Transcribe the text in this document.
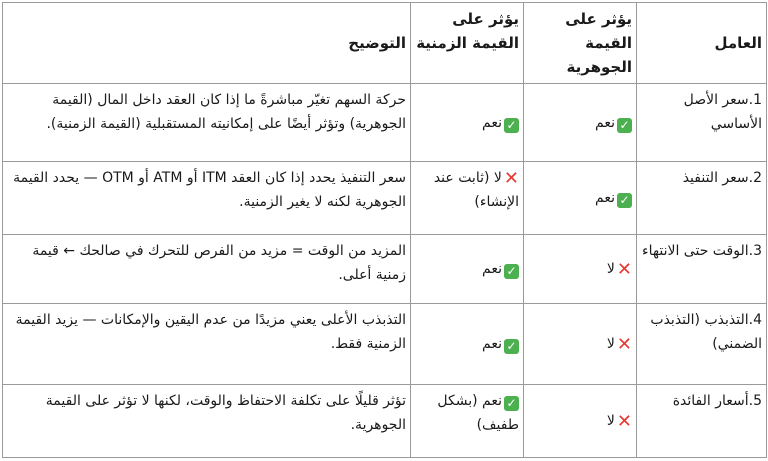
العامل	يؤثر على القيمة الجوهرية	يؤثر على القيمة الزمنية	التوضيح
1.سعر الأصل الأساسي	✓نعم	✓نعم	حركة السهم تغيّر مباشرةً ما إذا كان العقد داخل المال (القيمة الجوهرية) وتؤثر أيضًا على إمكانيته المستقبلية (القيمة الزمنية).
2.سعر التنفيذ	✓نعم	✕لا (ثابت عند الإنشاء)	سعر التنفيذ يحدد إذا كان العقد ITM أو ATM أو OTM — يحدد القيمة الجوهرية لكنه لا يغير الزمنية.
3.الوقت حتى الانتهاء	✕لا	✓نعم	المزيد من الوقت = مزيد من الفرص للتحرك في صالحك ← قيمة زمنية أعلى.
4.التذبذب (التذبذب الضمني)	✕لا	✓نعم	التذبذب الأعلى يعني مزيدًا من عدم اليقين والإمكانات — يزيد القيمة الزمنية فقط.
5.أسعار الفائدة	✕لا	✓نعم (بشكل طفيف)	تؤثر قليلًا على تكلفة الاحتفاظ والوقت، لكنها لا تؤثر على القيمة الجوهرية.
